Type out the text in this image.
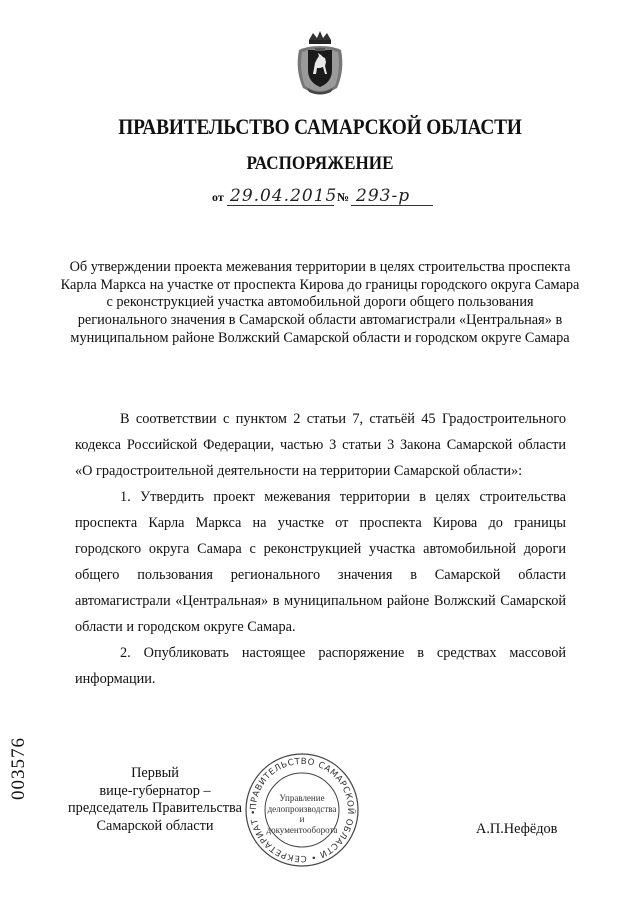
ПРАВИТЕЛЬСТВО САМАРСКОЙ ОБЛАСТИ
РАСПОРЯЖЕНИЕ
от 29.04.2015 № 293-р
Об утверждении проекта межевания территории в целях строительства проспекта Карла Маркса на участке от проспекта Кирова до границы городского округа Самара с реконструкцией участка автомобильной дороги общего пользования регионального значения в Самарской области автомагистрали «Центральная» в муниципальном районе Волжский Самарской области и городском округе Самара

В соответствии с пунктом 2 статьи 7, статьёй 45 Градостроительного кодекса Российской Федерации, частью 3 статьи 3 Закона Самарской области «О градостроительной деятельности на территории Самарской области»:

1. Утвердить проект межевания территории в целях строительства проспекта Карла Маркса на участке от проспекта Кирова до границы городского округа Самара с реконструкцией участка автомобильной дороги общего пользования регионального значения в Самарской области автомагистрали «Центральная» в муниципальном районе Волжский Самарской области и городском округе Самара.

2. Опубликовать настоящее распоряжение в средствах массовой информации.

Первый
вице-губернатор –
председатель Правительства
Самарской области
ПРАВИТЕЛЬСТВО САМАРСКОЙ ОБЛАСТИ • СЕКРЕТАРИАТ •
Управление
делопроизводства
и документооборота	А.П.Нефёдов
003576
